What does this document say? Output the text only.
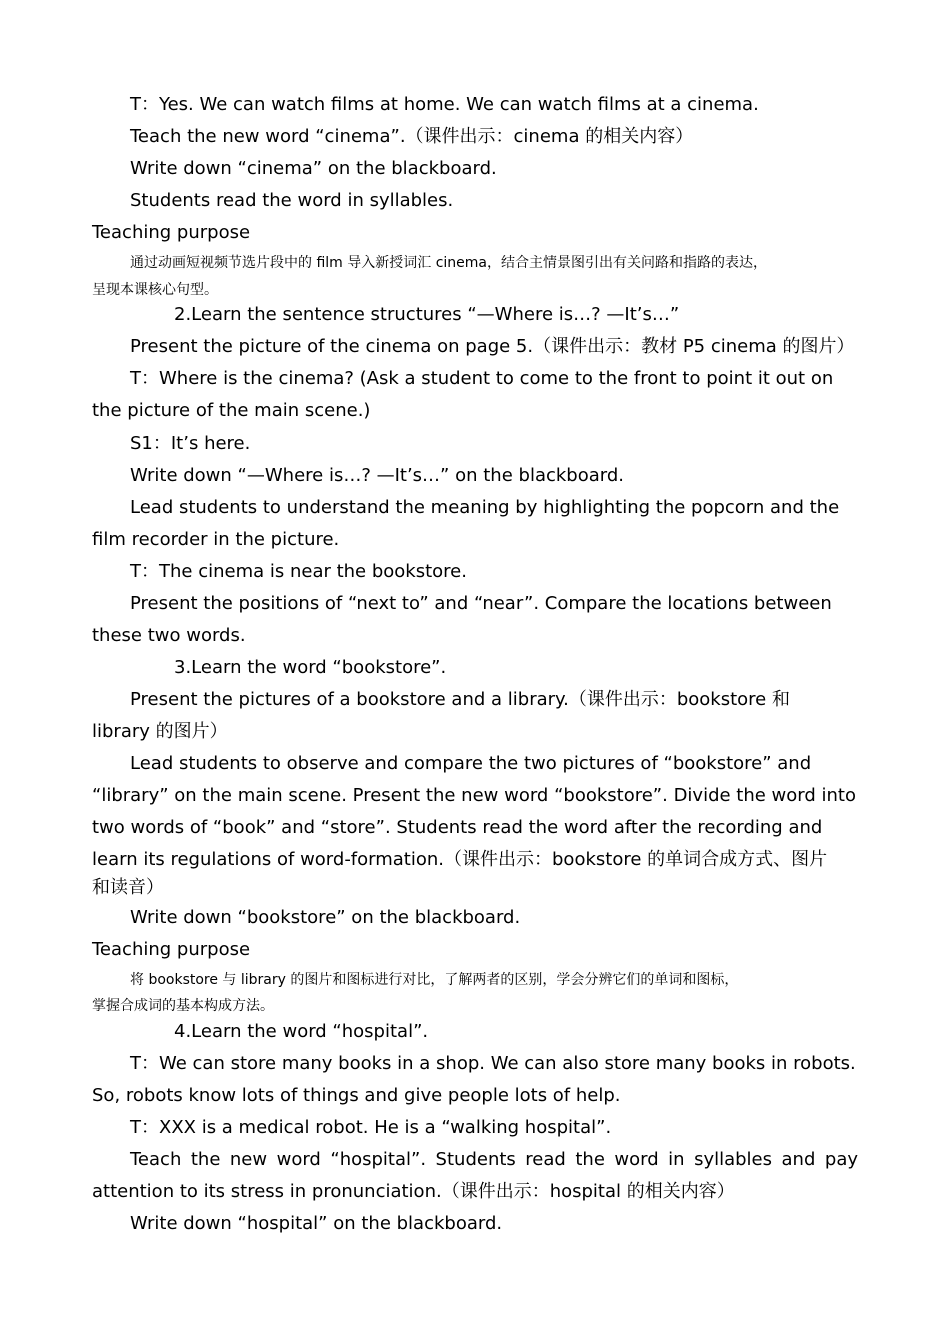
T：Yes. We can watch films at home. We can watch films at a cinema.
Teach the new word “cinema”.（课件出示：cinema 的相关内容）
Write down “cinema” on the blackboard.
Students read the word in syllables.
Teaching purpose
通过动画短视频节选片段中的 film 导入新授词汇 cinema，结合主情景图引出有关问路和指路的表达，
呈现本课核心句型。
2.Learn the sentence structures “—Where is…? —It’s…”
Present the picture of the cinema on page 5.（课件出示：教材 P5 cinema 的图片）
T：Where is the cinema? (Ask a student to come to the front to point it out on
the picture of the main scene.)
S1：It’s here.
Write down “—Where is…? —It’s…” on the blackboard.
Lead students to understand the meaning by highlighting the popcorn and the
film recorder in the picture.
T：The cinema is near the bookstore.
Present the positions of “next to” and “near”. Compare the locations between
these two words.
3.Learn the word “bookstore”.
Present the pictures of a bookstore and a library.（课件出示：bookstore 和
library 的图片）
Lead students to observe and compare the two pictures of “bookstore” and
“library” on the main scene. Present the new word “bookstore”. Divide the word into
two words of “book” and “store”. Students read the word after the recording and
learn its regulations of word-formation.（课件出示：bookstore 的单词合成方式、图片
和读音）
Write down “bookstore” on the blackboard.
Teaching purpose
将 bookstore 与 library 的图片和图标进行对比，了解两者的区别，学会分辨它们的单词和图标，
掌握合成词的基本构成方法。
4.Learn the word “hospital”.
T：We can store many books in a shop. We can also store many books in robots.
So, robots know lots of things and give people lots of help.
T：XXX is a medical robot. He is a “walking hospital”.
Teach the new word “hospital”. Students read the word in syllables and pay
attention to its stress in pronunciation.（课件出示：hospital 的相关内容）
Write down “hospital” on the blackboard.
